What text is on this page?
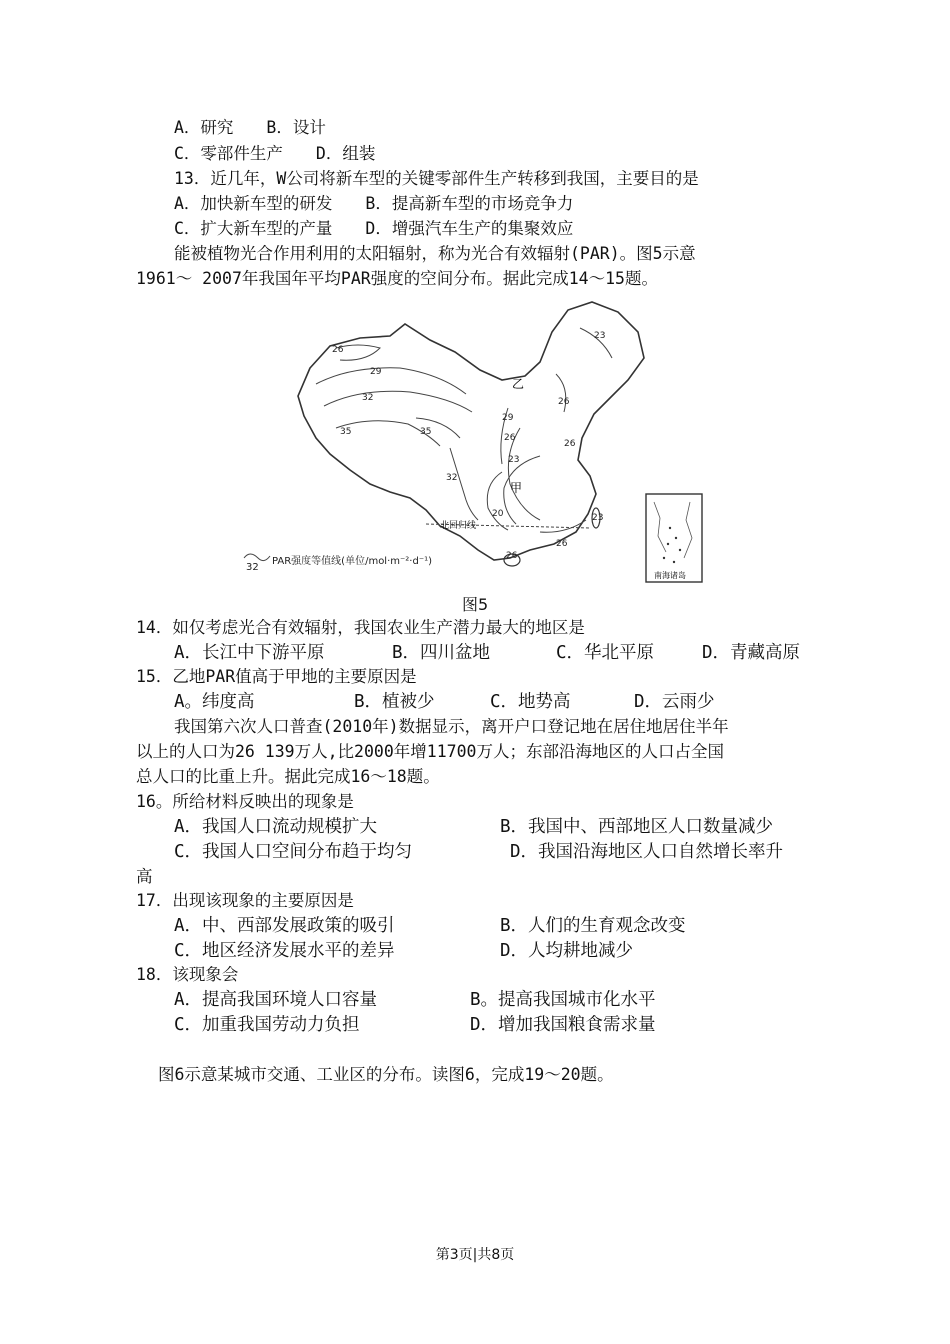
A．研究　　B．设计
C．零部件生产　　D．组装
13．近几年，W公司将新车型的关键零部件生产转移到我国，主要目的是
A．加快新车型的研发　　B．提高新车型的市场竞争力
C．扩大新车型的产量　　D．增强汽车生产的集聚效应
能被植物光合作用利用的太阳辐射，称为光合有效辐射(PAR)。图5示意
1961～ 2007年我国年平均PAR强度的空间分布。据此完成14～15题。
26
29
32
35	35
32
29
26
23
20
23
26
26
26
23
26
甲
乙
北回归线
32
PAR强度等值线(单位/mol·m⁻²·d⁻¹)
南海诸岛
图5
14．如仅考虑光合有效辐射，我国农业生产潜力最大的地区是
A．长江中下游平原	B．四川盆地	C．华北平原	D．青藏高原
15．乙地PAR值高于甲地的主要原因是
A。纬度高	B．植被少	C．地势高	D．云雨少
我国第六次人口普查(2010年)数据显示，离开户口登记地在居住地居住半年
以上的人口为26 139万人,比2000年增11700万人；东部沿海地区的人口占全国
总人口的比重上升。据此完成16～18题。
16。所给材料反映出的现象是
A．我国人口流动规模扩大	B．我国中、西部地区人口数量减少
C．我国人口空间分布趋于均匀	D．我国沿海地区人口自然增长率升
高
17．出现该现象的主要原因是
A．中、西部发展政策的吸引	B．人们的生育观念改变
C．地区经济发展水平的差异	D．人均耕地减少
18．该现象会
A．提高我国环境人口容量	B。提高我国城市化水平
C．加重我国劳动力负担	D．增加我国粮食需求量
图6示意某城市交通、工业区的分布。读图6，完成19～20题。
第3页|共8页
